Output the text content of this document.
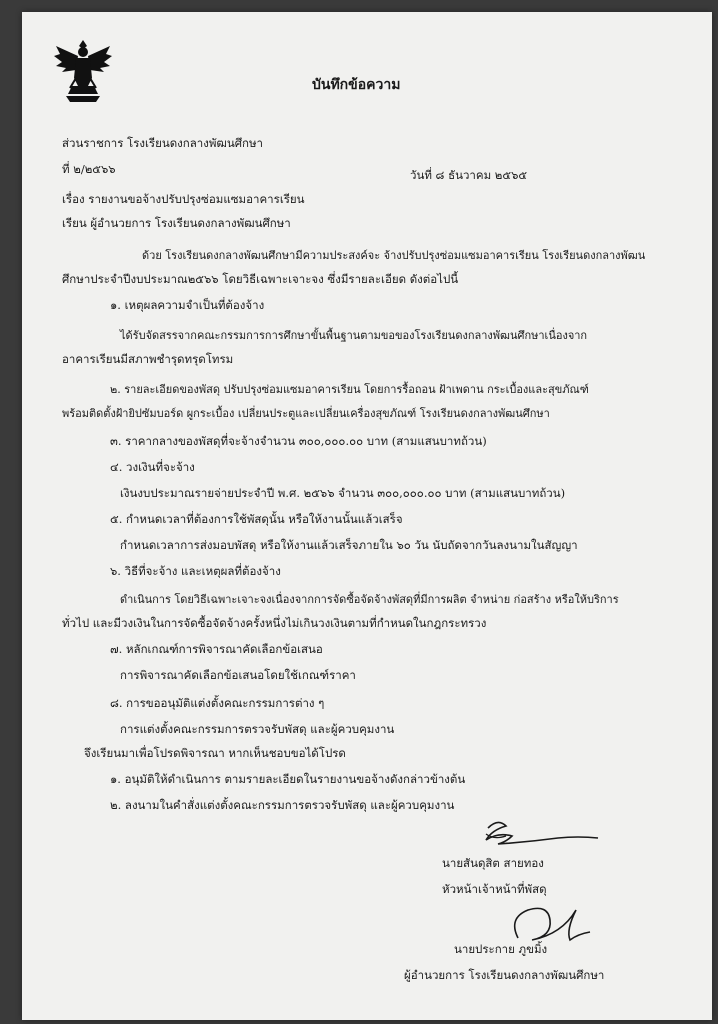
บันทึกข้อความ
ส่วนราชการ โรงเรียนดงกลางพัฒนศึกษา
ที่ ๒/๒๕๖๖	วันที่ ๘ ธันวาคม ๒๕๖๕
เรื่อง รายงานขอจ้างปรับปรุงซ่อมแซมอาคารเรียน
เรียน ผู้อำนวยการ โรงเรียนดงกลางพัฒนศึกษา
ด้วย โรงเรียนดงกลางพัฒนศึกษามีความประสงค์จะ จ้างปรับปรุงซ่อมแซมอาคารเรียน โรงเรียนดงกลางพัฒน
ศึกษาประจำปีงบประมาณ๒๕๖๖ โดยวิธีเฉพาะเจาะจง ซึ่งมีรายละเอียด ดังต่อไปนี้
๑. เหตุผลความจำเป็นที่ต้องจ้าง
ได้รับจัดสรรจากคณะกรรมการการศึกษาขั้นพื้นฐานตามขอของโรงเรียนดงกลางพัฒนศึกษาเนื่องจาก
อาคารเรียนมีสภาพชำรุดทรุดโทรม
๒. รายละเอียดของพัสดุ ปรับปรุงซ่อมแซมอาคารเรียน โดยการรื้อถอน ฝ้าเพดาน กระเบื้องและสุขภัณฑ์
พร้อมติดตั้งฝ้ายิปซัมบอร์ด ผูกระเบื้อง เปลี่ยนประตูและเปลี่ยนเครื่องสุขภัณฑ์ โรงเรียนดงกลางพัฒนศึกษา
๓. ราคากลางของพัสดุที่จะจ้างจำนวน ๓๐๐,๐๐๐.๐๐ บาท (สามแสนบาทถ้วน)
๔. วงเงินที่จะจ้าง
เงินงบประมาณรายจ่ายประจำปี พ.ศ. ๒๕๖๖ จำนวน ๓๐๐,๐๐๐.๐๐ บาท (สามแสนบาทถ้วน)
๕. กำหนดเวลาที่ต้องการใช้พัสดุนั้น หรือให้งานนั้นแล้วเสร็จ
กำหนดเวลาการส่งมอบพัสดุ หรือให้งานแล้วเสร็จภายใน ๖๐ วัน นับถัดจากวันลงนามในสัญญา
๖. วิธีที่จะจ้าง และเหตุผลที่ต้องจ้าง
ดำเนินการ โดยวิธีเฉพาะเจาะจงเนื่องจากการจัดซื้อจัดจ้างพัสดุที่มีการผลิต จำหน่าย ก่อสร้าง หรือให้บริการ
ทั่วไป และมีวงเงินในการจัดซื้อจัดจ้างครั้งหนึ่งไม่เกินวงเงินตามที่กำหนดในกฎกระทรวง
๗. หลักเกณฑ์การพิจารณาคัดเลือกข้อเสนอ
การพิจารณาคัดเลือกข้อเสนอโดยใช้เกณฑ์ราคา
๘. การขออนุมัติแต่งตั้งคณะกรรมการต่าง ๆ
การแต่งตั้งคณะกรรมการตรวจรับพัสดุ และผู้ควบคุมงาน
จึงเรียนมาเพื่อโปรดพิจารณา หากเห็นชอบขอได้โปรด
๑. อนุมัติให้ดำเนินการ ตามรายละเอียดในรายงานขอจ้างดังกล่าวข้างต้น
๒. ลงนามในคำสั่งแต่งตั้งคณะกรรมการตรวจรับพัสดุ และผู้ควบคุมงาน
นายสันดุสิต สายทอง
หัวหน้าเจ้าหน้าที่พัสดุ
นายประกาย ภูขมิ้ง
ผู้อำนวยการ โรงเรียนดงกลางพัฒนศึกษา
